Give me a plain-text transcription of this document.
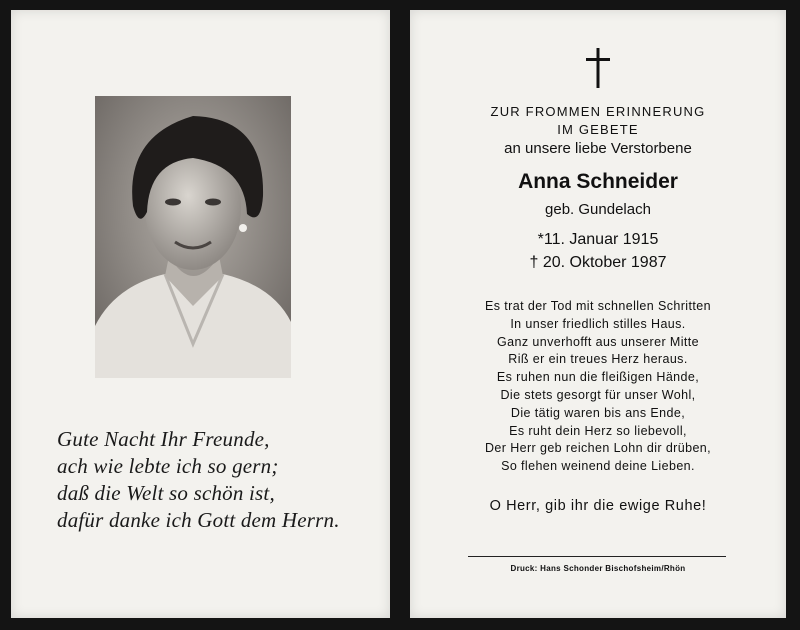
Gute Nacht Ihr Freunde,
ach wie lebte ich so gern;
daß die Welt so schön ist,
dafür danke ich Gott dem Herrn.
ZUR FROMMEN ERINNERUNG
IM GEBETE
an unsere liebe Verstorbene
Anna Schneider
geb. Gundelach
*11. Januar 1915
† 20. Oktober 1987
Es trat der Tod mit schnellen Schritten
In unser friedlich stilles Haus.
Ganz unverhofft aus unserer Mitte
Riß er ein treues Herz heraus.
Es ruhen nun die fleißigen Hände,
Die stets gesorgt für unser Wohl,
Die tätig waren bis ans Ende,
Es ruht dein Herz so liebevoll,
Der Herr geb reichen Lohn dir drüben,
So flehen weinend deine Lieben.
O Herr, gib ihr die ewige Ruhe!
Druck: Hans Schonder Bischofsheim/Rhön
